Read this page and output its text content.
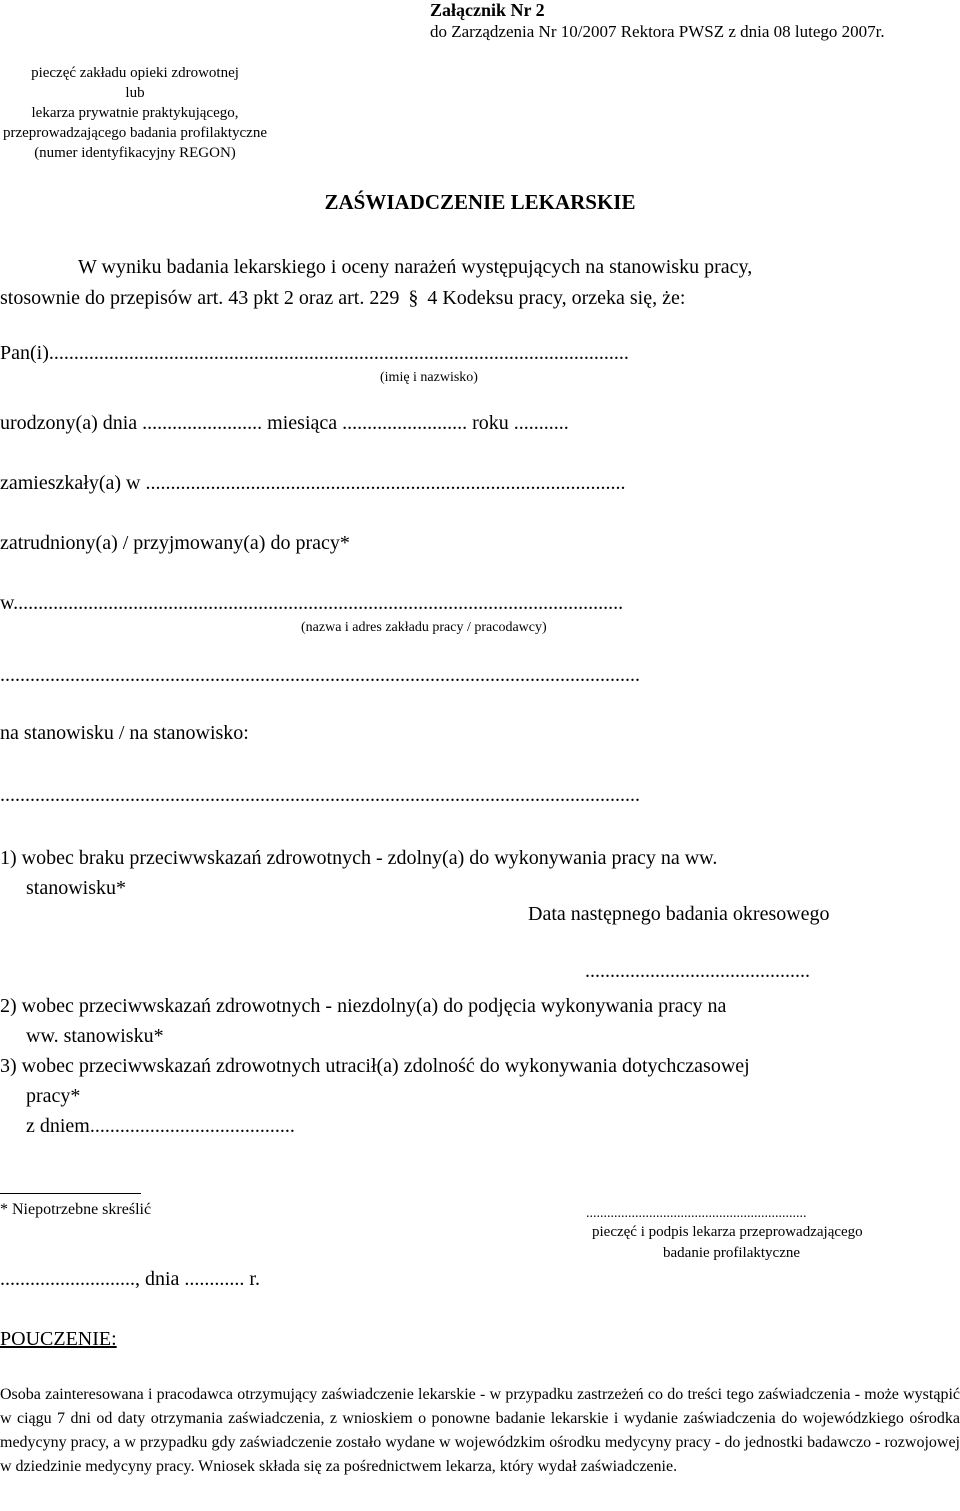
Załącznik Nr 2
do Zarządzenia Nr 10/2007 Rektora PWSZ z dnia 08 lutego 2007r.
pieczęć zakładu opieki zdrowotnej
lub
lekarza prywatnie praktykującego,
przeprowadzającego badania profilaktyczne
(numer identyfikacyjny REGON)
ZAŚWIADCZENIE LEKARSKIE
W wyniku badania lekarskiego i oceny narażeń występujących na stanowisku pracy,
stosownie do przepisów art. 43 pkt 2 oraz art. 229 § 4 Kodeksu pracy, orzeka się, że:
Pan(i)....................................................................................................................
(imię i nazwisko)
urodzony(a) dnia ........................ miesiąca ......................... roku ...........
zamieszkały(a) w ................................................................................................
zatrudniony(a) / przyjmowany(a) do pracy*
w..........................................................................................................................
(nazwa i adres zakładu pracy / pracodawcy)
................................................................................................................................
na stanowisku / na stanowisko:
................................................................................................................................
1) wobec braku przeciwwskazań zdrowotnych - zdolny(a) do wykonywania pracy na ww.
stanowisku*
Data następnego badania okresowego
.............................................
2) wobec przeciwwskazań zdrowotnych - niezdolny(a) do podjęcia wykonywania pracy na
ww. stanowisku*
3) wobec przeciwwskazań zdrowotnych utracił(a) zdolność do wykonywania dotychczasowej
pracy*
z dniem.........................................
* Niepotrzebne skreślić	...............................................................
pieczęć i podpis lekarza przeprowadzającego
badanie profilaktyczne
..........................., dnia ............ r.
POUCZENIE:
Osoba zainteresowana i pracodawca otrzymujący zaświadczenie lekarskie - w przypadku zastrzeżeń co do treści tego zaświadczenia - może wystąpić w ciągu 7 dni od daty otrzymania zaświadczenia, z wnioskiem o ponowne badanie lekarskie i wydanie zaświadczenia do wojewódzkiego ośrodka medycyny pracy, a w przypadku gdy zaświadczenie zostało wydane w wojewódzkim ośrodku medycyny pracy - do jednostki badawczo - rozwojowej w dziedzinie medycyny pracy. Wniosek składa się za pośrednictwem lekarza, który wydał zaświadczenie.
